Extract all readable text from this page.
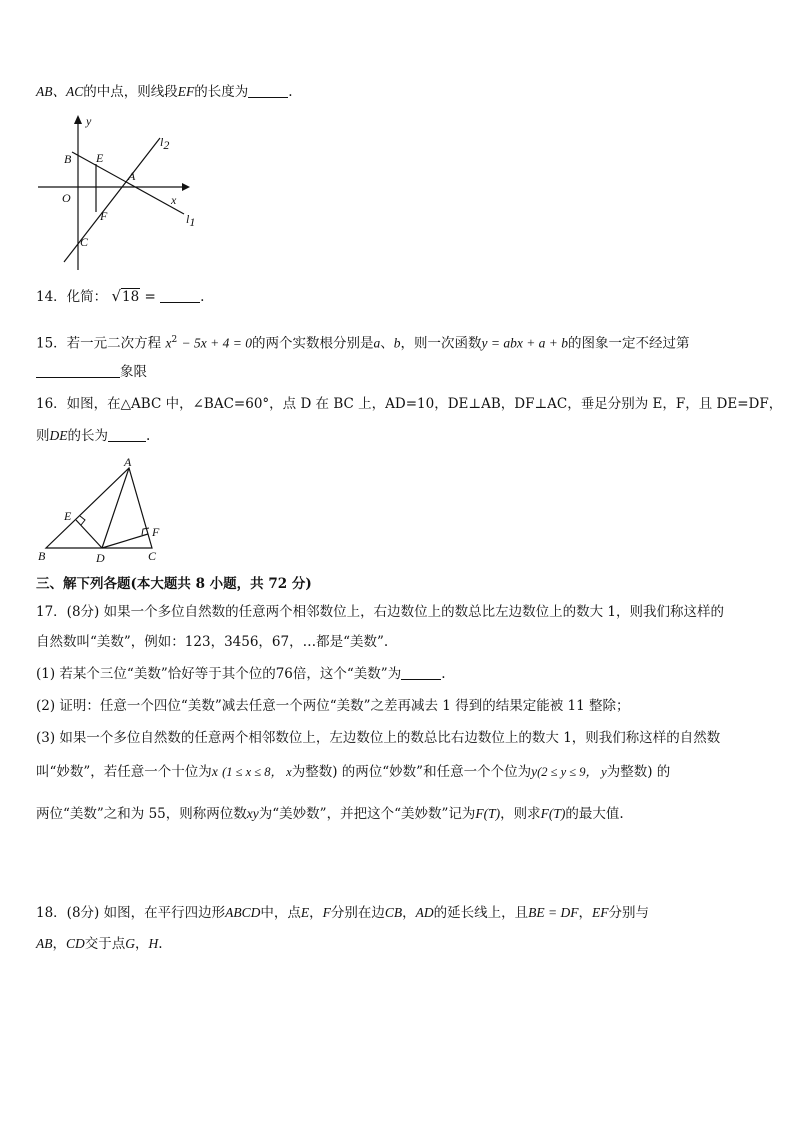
AB、AC的中点，则线段EF的长度为	.
y
x
O
B E
A
F
C
l2
l1
14．化简： √18 =	.
15．若一元二次方程 $x^2 - 5x + 4 = 0$的两个实数根分别是a、b，则一次函数y = abx + a + b的图象一定不经过第
象限
16．如图，在△ABC 中，∠BAC=60°，点 D 在 BC 上，AD=10，DE⊥AB，DF⊥AC，垂足分别为 E，F，且 DE=DF，
则DE的长为	.
A
E
F
B	D	C
三、解下列各题(本大题共 8 小题，共 72 分)
17．(8分) 如果一个多位自然数的任意两个相邻数位上，右边数位上的数总比左边数位上的数大 1，则我们称这样的
自然数叫“美数”，例如：123，3456，67，…都是“美数”.
(1) 若某个三位“美数”恰好等于其个位的76倍，这个“美数”为	.
(2) 证明：任意一个四位“美数”减去任意一个两位“美数”之差再减去 1 得到的结果定能被 11 整除；
(3) 如果一个多位自然数的任意两个相邻数位上，左边数位上的数总比右边数位上的数大 1，则我们称这样的自然数
叫“妙数”，若任意一个十位为x (1 ≤ x ≤ 8， x为整数) 的两位“妙数”和任意一个个位为y(2 ≤ y ≤ 9， y为整数) 的
两位“美数”之和为 55，则称两位数xy为“美妙数”，并把这个“美妙数”记为F(T)，则求F(T)的最大值.
18．(8分) 如图，在平行四边形ABCD中，点E，F分别在边CB，AD的延长线上，且BE = DF，EF分别与
AB，CD交于点G，H.
